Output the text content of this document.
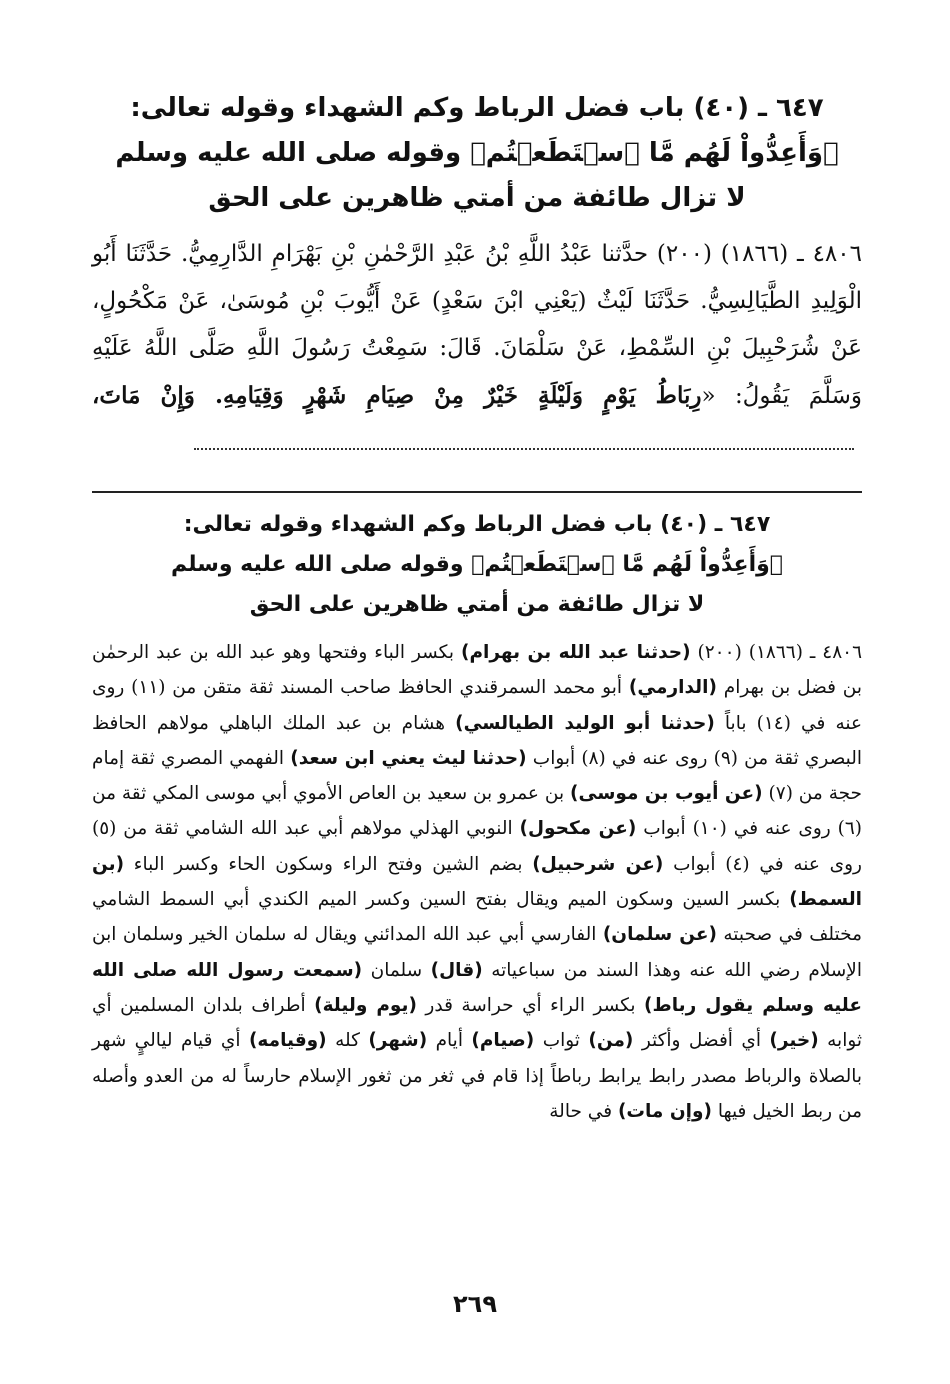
٦٤٧ ـ (٤٠) باب فضل الرباط وكم الشهداء وقوله تعالى:
﴿وَأَعِدُّواْ لَهُم مَّا ٱسۡتَطَعۡتُم﴾ وقوله صلى الله عليه وسلم
لا تزال طائفة من أمتي ظاهرين على الحق
٤٨٠٦ ـ (١٨٦٦) (٢٠٠) حدَّثنا عَبْدُ اللَّهِ بْنُ عَبْدِ الرَّحْمٰنِ بْنِ بَهْرَامِ الدَّارِمِيُّ. حَدَّثَنَا أَبُو الْوَلِيدِ الطَّيَالِسِيُّ. حَدَّثَنَا لَيْثٌ (يَعْنِي ابْنَ سَعْدٍ) عَنْ أَيُّوبَ بْنِ مُوسَىٰ، عَنْ مَكْحُولٍ، عَنْ شُرَحْبِيلَ بْنِ السِّمْطِ، عَنْ سَلْمَانَ. قَالَ: سَمِعْتُ رَسُولَ اللَّهِ صَلَّى اللَّهُ عَلَيْهِ وَسَلَّمَ يَقُولُ: «رِبَاطُ يَوْمٍ وَلَيْلَةٍ خَيْرٌ مِنْ صِيَامِ شَهْرٍ وَقِيَامِهِ. وَإِنْ مَاتَ،
٦٤٧ ـ (٤٠) باب فضل الرباط وكم الشهداء وقوله تعالى:
﴿وَأَعِدُّواْ لَهُم مَّا ٱسۡتَطَعۡتُم﴾ وقوله صلى الله عليه وسلم
لا تزال طائفة من أمتي ظاهرين على الحق
٤٨٠٦ ـ (١٨٦٦) (٢٠٠) (حدثنا عبد الله بن بهرام) بكسر الباء وفتحها وهو عبد الله بن عبد الرحمٰن بن فضل بن بهرام (الدارمي) أبو محمد السمرقندي الحافظ صاحب المسند ثقة متقن من (١١) روى عنه في (١٤) باباً (حدثنا أبو الوليد الطيالسي) هشام بن عبد الملك الباهلي مولاهم الحافظ البصري ثقة من (٩) روى عنه في (٨) أبواب (حدثنا ليث يعني ابن سعد) الفهمي المصري ثقة إمام حجة من (٧) (عن أيوب بن موسى) بن عمرو بن سعيد بن العاص الأموي أبي موسى المكي ثقة من (٦) روى عنه في (١٠) أبواب (عن مكحول) النوبي الهذلي مولاهم أبي عبد الله الشامي ثقة من (٥) روى عنه في (٤) أبواب (عن شرحبيل) بضم الشين وفتح الراء وسكون الحاء وكسر الباء (بن السمط) بكسر السين وسكون الميم ويقال بفتح السين وكسر الميم الكندي أبي السمط الشامي مختلف في صحبته (عن سلمان) الفارسي أبي عبد الله المدائني ويقال له سلمان الخير وسلمان ابن الإسلام رضي الله عنه وهذا السند من سباعياته (قال) سلمان (سمعت رسول الله صلى الله عليه وسلم يقول رباط) بكسر الراء أي حراسة قدر (يوم وليلة) أطراف بلدان المسلمين أي ثوابه (خير) أي أفضل وأكثر (من) ثواب (صيام) أيام (شهر) كله (وقيامه) أي قيام لياليٍ شهر بالصلاة والرباط مصدر رابط يرابط رباطاً إذا قام في ثغر من ثغور الإسلام حارساً له من العدو وأصله من ربط الخيل فيها (وإن مات) في حالة
٢٦٩
